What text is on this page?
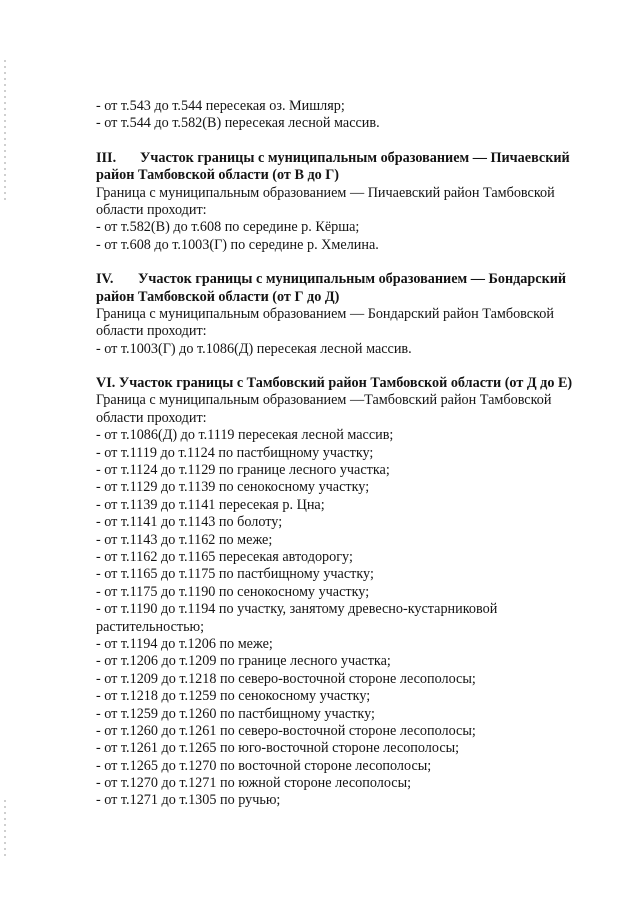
- от т.543 до т.544 пересекая оз. Мишляр;
- от т.544 до т.582(В) пересекая лесной массив.
III. Участок границы с муниципальным образованием — Пичаевский
район Тамбовской области (от В до Г)
Граница с муниципальным образованием — Пичаевский район Тамбовской
области проходит:
- от т.582(В) до т.608 по середине р. Кёрша;
- от т.608 до т.1003(Г) по середине р. Хмелина.
IV. Участок границы с муниципальным образованием — Бондарский
район Тамбовской области (от Г до Д)
Граница с муниципальным образованием — Бондарский район Тамбовской
области проходит:
- от т.1003(Г) до т.1086(Д) пересекая лесной массив.
VI. Участок границы с Тамбовский район Тамбовской области (от Д до Е)
Граница с муниципальным образованием —Тамбовский район Тамбовской
области проходит:
- от т.1086(Д) до т.1119 пересекая лесной массив;
- от т.1119 до т.1124 по пастбищному участку;
- от т.1124 до т.1129 по границе лесного участка;
- от т.1129 до т.1139 по сенокосному участку;
- от т.1139 до т.1141 пересекая р. Цна;
- от т.1141 до т.1143 по болоту;
- от т.1143 до т.1162 по меже;
- от т.1162 до т.1165 пересекая автодорогу;
- от т.1165 до т.1175 по пастбищному участку;
- от т.1175 до т.1190 по сенокосному участку;
- от т.1190 до т.1194 по участку, занятому древесно-кустарниковой
растительностью;
- от т.1194 до т.1206 по меже;
- от т.1206 до т.1209 по границе лесного участка;
- от т.1209 до т.1218 по северо-восточной стороне лесополосы;
- от т.1218 до т.1259 по сенокосному участку;
- от т.1259 до т.1260 по пастбищному участку;
- от т.1260 до т.1261 по северо-восточной стороне лесополосы;
- от т.1261 до т.1265 по юго-восточной стороне лесополосы;
- от т.1265 до т.1270 по восточной стороне лесополосы;
- от т.1270 до т.1271 по южной стороне лесополосы;
- от т.1271 до т.1305 по ручью;
